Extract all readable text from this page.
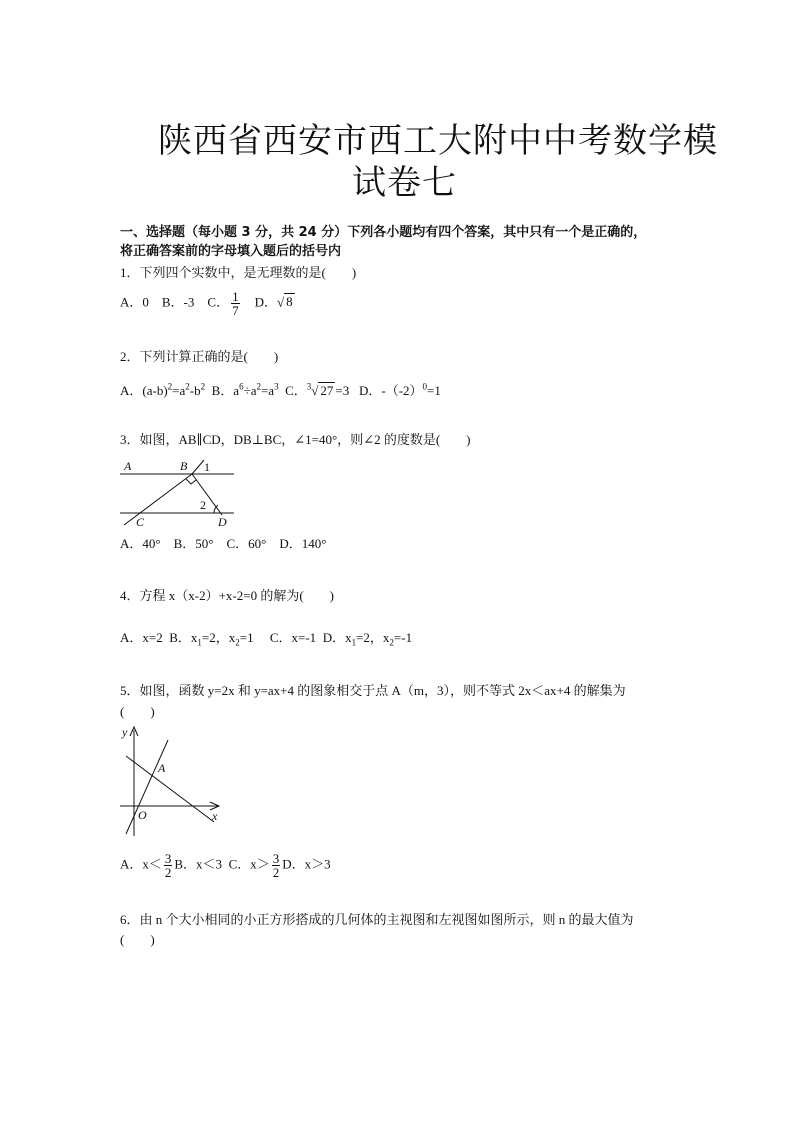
陕西省西安市西工大附中中考数学模
试卷七
一、选择题（每小题 3 分，共 24 分）下列各小题均有四个答案，其中只有一个是正确的，
将正确答案前的字母填入题后的括号内
1．下列四个实数中，是无理数的是(　　)
A．0 B．-3 C． $\frac{1}{7}$ D．√ 8
2．下列计算正确的是(　　)
A．$(a-b)^2=a^2-b^2$ B．$a^6\div a^2=a^3$ C．$^3$√ 27 =3 D．$-(-2)^0=1$
3．如图，AB∥CD，DB⊥BC，∠1=40°，则∠2 的度数是(　　)
A	B 1
2
C	D
A．40°　B．50°　C．60°　D．140°
4．方程 x（x-2）+x-2=0 的解为(　　)
A．x=2 B．$x_1=2$，$x_2=1$ C．x=-1 D．$x_1=2$，$x_2=-1$
5．如图，函数 y=2x 和 y=ax+4 的图象相交于点 A（m，3），则不等式 2x＜ax+4 的解集为
(　　)
y
x
A
O
A．$x< \frac{3}{2}$ B．x＜3 C．$x> \frac{3}{2}$ D．x＞3
6．由 n 个大小相同的小正方形搭成的几何体的主视图和左视图如图所示，则 n 的最大值为
(　　)
